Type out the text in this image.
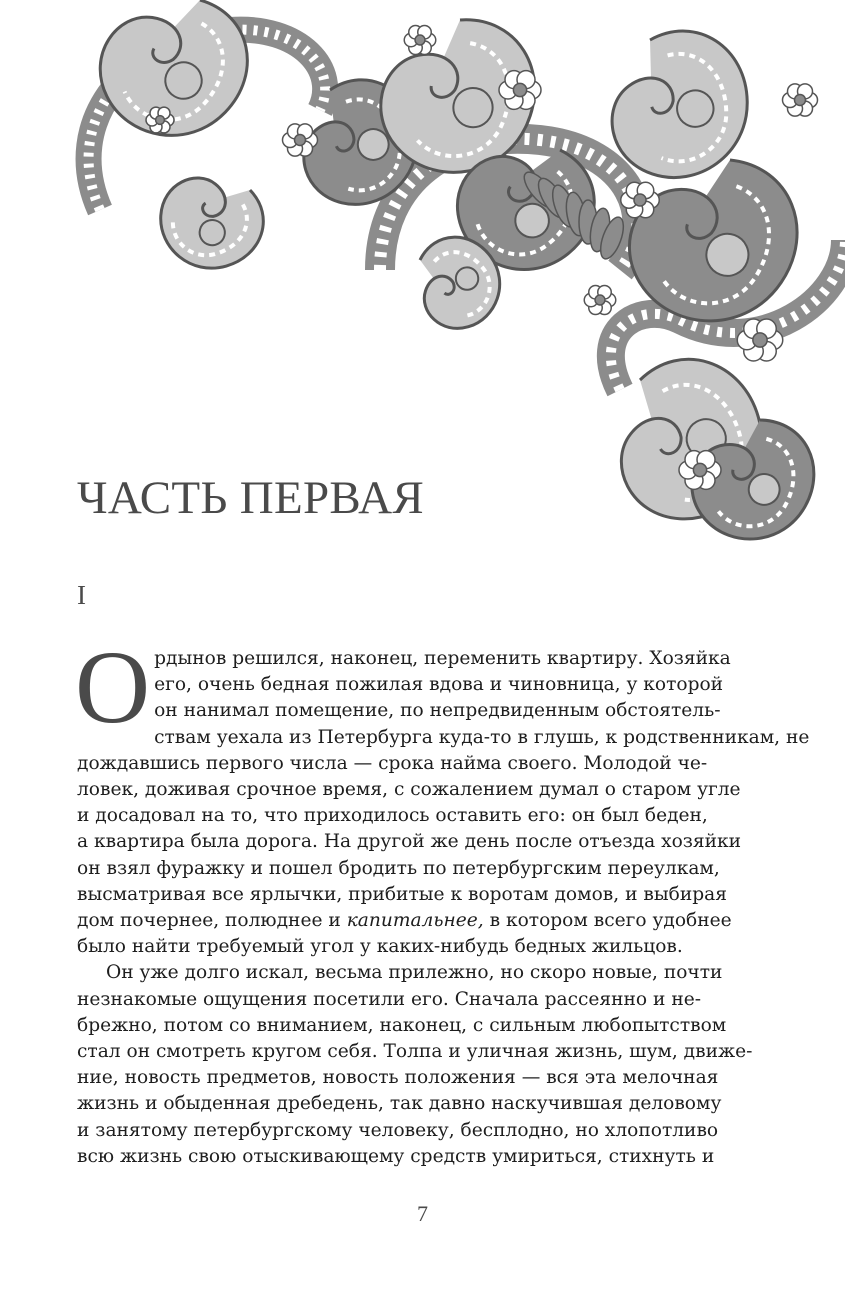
ЧАСТЬ ПЕРВАЯ
I

О рдынов решился, наконец, переменить квартиру. Хозяйка
его, очень бедная пожилая вдова и чиновница, у которой
он нанимал помещение, по непредвиденным обстоятель-
ствам уехала из Петербурга куда-то в глушь, к родственникам, не
дождавшись первого числа — срока найма своего. Молодой че-
ловек, доживая срочное время, с сожалением думал о старом угле
и досадовал на то, что приходилось оставить его: он был беден,
а квартира была дорога. На другой же день после отъезда хозяйки
он взял фуражку и пошел бродить по петербургским переулкам,
высматривая все ярлычки, прибитые к воротам домов, и выбирая
дом почернее, полюднее и капитальнее, в котором всего удобнее
было найти требуемый угол у каких-нибудь бедных жильцов.

Он уже долго искал, весьма прилежно, но скоро новые, почти
незнакомые ощущения посетили его. Сначала рассеянно и не-
брежно, потом со вниманием, наконец, с сильным любопытством
стал он смотреть кругом себя. Толпа и уличная жизнь, шум, движе-
ние, новость предметов, новость положения — вся эта мелочная
жизнь и обыденная дребедень, так давно наскучившая деловому
и занятому петербургскому человеку, бесплодно, но хлопотливо
всю жизнь свою отыскивающему средств умириться, стихнуть и

7
